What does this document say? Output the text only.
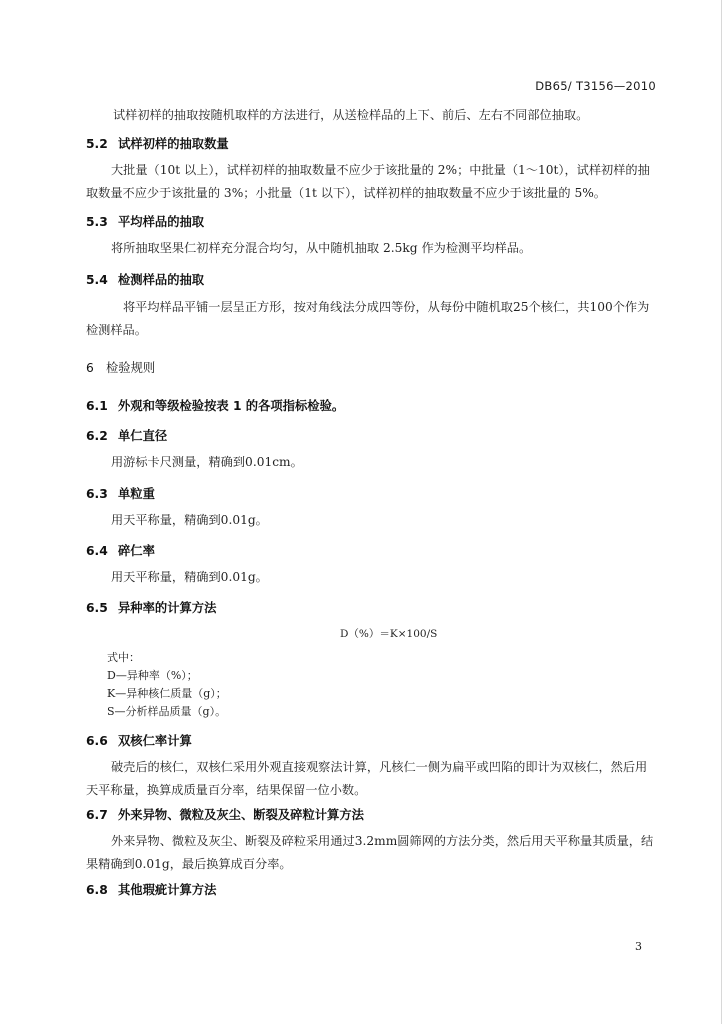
DB65/ T3156—2010
试样初样的抽取按随机取样的方法进行，从送检样品的上下、前后、左右不同部位抽取。
5.2 试样初样的抽取数量
大批量（10t 以上），试样初样的抽取数量不应少于该批量的 2%；中批量（1～10t），试样初样的抽取数量不应少于该批量的 3%；小批量（1t 以下），试样初样的抽取数量不应少于该批量的 5%。
5.3 平均样品的抽取
将所抽取坚果仁初样充分混合均匀，从中随机抽取 2.5kg 作为检测平均样品。
5.4 检测样品的抽取
将平均样品平铺一层呈正方形，按对角线法分成四等份，从每份中随机取25个核仁，共100个作为检测样品。
6 检验规则
6.1 外观和等级检验按表 1 的各项指标检验。
6.2 单仁直径
用游标卡尺测量，精确到0.01cm。
6.3 单粒重
用天平称量，精确到0.01g。
6.4 碎仁率
用天平称量，精确到0.01g。
6.5 异种率的计算方法
D（%）＝K×100/S
式中：
D—异种率（%）；
K—异种核仁质量（g）；
S—分析样品质量（g）。
6.6 双核仁率计算
破壳后的核仁，双核仁采用外观直接观察法计算，凡核仁一侧为扁平或凹陷的即计为双核仁，然后用天平称量，换算成质量百分率，结果保留一位小数。
6.7 外来异物、微粒及灰尘、断裂及碎粒计算方法
外来异物、微粒及灰尘、断裂及碎粒采用通过3.2mm圆筛网的方法分类，然后用天平称量其质量，结果精确到0.01g，最后换算成百分率。
6.8 其他瑕疵计算方法
3
